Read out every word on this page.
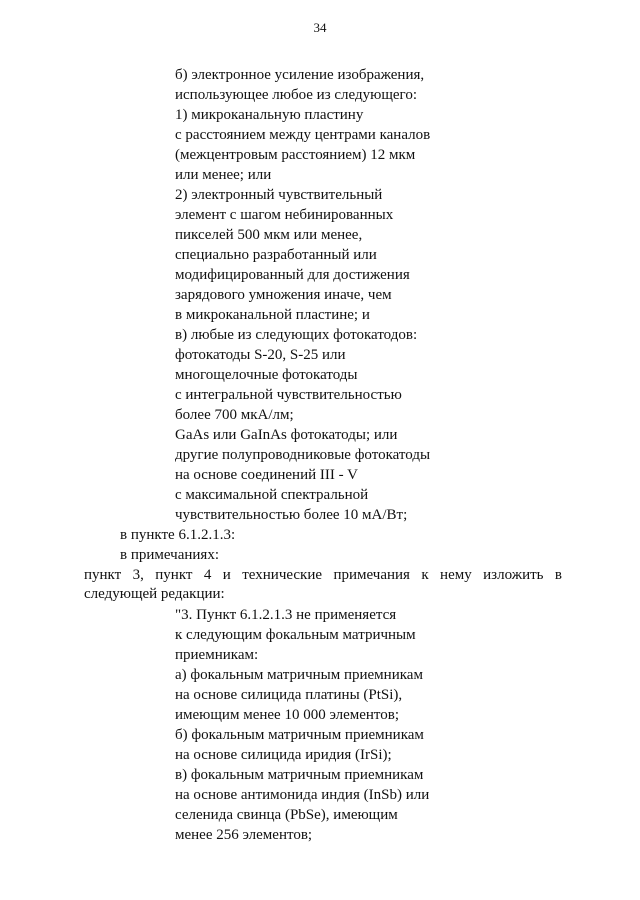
34
б) электронное усиление изображения,
использующее любое из следующего:
1) микроканальную пластину
с расстоянием между центрами каналов
(межцентровым расстоянием) 12 мкм
или менее; или
2) электронный чувствительный
элемент с шагом небинированных
пикселей 500 мкм или менее,
специально разработанный или
модифицированный для достижения
зарядового умножения иначе, чем
в микроканальной пластине; и
в) любые из следующих фотокатодов:
фотокатоды S-20, S-25 или
многощелочные фотокатоды
с интегральной чувствительностью
более 700 мкА/лм;
GaAs или GaInAs фотокатоды; или
другие полупроводниковые фотокатоды
на основе соединений III - V
с максимальной спектральной
чувствительностью более 10 мА/Вт;
в пункте 6.1.2.1.3:
в примечаниях:
пункт 3, пункт 4 и технические примечания к нему изложить в следующей редакции:
"3. Пункт 6.1.2.1.3 не применяется
к следующим фокальным матричным
приемникам:
а) фокальным матричным приемникам
на основе силицида платины (PtSi),
имеющим менее 10 000 элементов;
б) фокальным матричным приемникам
на основе силицида иридия (IrSi);
в) фокальным матричным приемникам
на основе антимонида индия (InSb) или
селенида свинца (PbSe), имеющим
менее 256 элементов;
